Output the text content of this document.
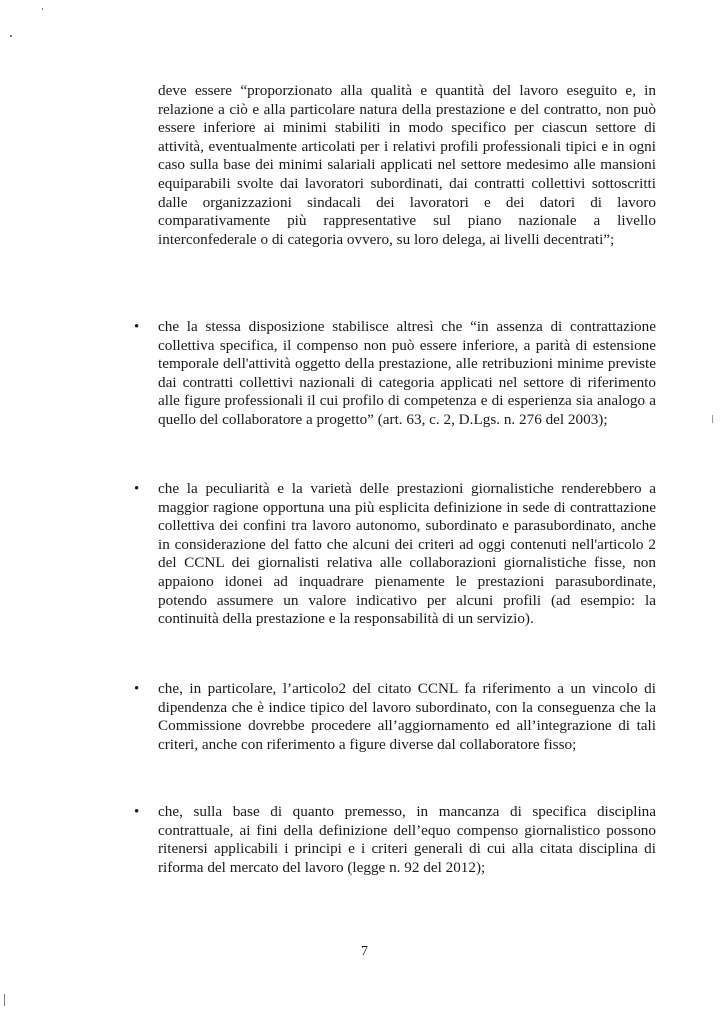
deve essere “proporzionato alla qualità e quantità del lavoro eseguito e, in relazione a ciò e alla particolare natura della prestazione e del contratto, non può essere inferiore ai minimi stabiliti in modo specifico per ciascun settore di attività, eventualmente articolati per i relativi profili professionali tipici e in ogni caso sulla base dei minimi salariali applicati nel settore medesimo alle mansioni equiparabili svolte dai lavoratori subordinati, dai contratti collettivi sottoscritti dalle organizzazioni sindacali dei lavoratori e dei datori di lavoro comparativamente più rappresentative sul piano nazionale a livello interconfederale o di categoria ovvero, su loro delega, ai livelli decentrati”;

• che la stessa disposizione stabilisce altresì che “in assenza di contrattazione collettiva specifica, il compenso non può essere inferiore, a parità di estensione temporale dell'attività oggetto della prestazione, alle retribuzioni minime previste dai contratti collettivi nazionali di categoria applicati nel settore di riferimento alle figure professionali il cui profilo di competenza e di esperienza sia analogo a quello del collaboratore a progetto” (art. 63, c. 2, D.Lgs. n. 276 del 2003);

• che la peculiarità e la varietà delle prestazioni giornalistiche renderebbero a maggior ragione opportuna una più esplicita definizione in sede di contrattazione collettiva dei confini tra lavoro autonomo, subordinato e parasubordinato, anche in considerazione del fatto che alcuni dei criteri ad oggi contenuti nell'articolo 2 del CCNL dei giornalisti relativa alle collaborazioni giornalistiche fisse, non appaiono idonei ad inquadrare pienamente le prestazioni parasubordinate, potendo assumere un valore indicativo per alcuni profili (ad esempio: la continuità della prestazione e la responsabilità di un servizio).

• che, in particolare, l’articolo2 del citato CCNL fa riferimento a un vincolo di dipendenza che è indice tipico del lavoro subordinato, con la conseguenza che la Commissione dovrebbe procedere all’aggiornamento ed all’integrazione di tali criteri, anche con riferimento a figure diverse dal collaboratore fisso;

• che, sulla base di quanto premesso, in mancanza di specifica disciplina contrattuale, ai fini della definizione dell’equo compenso giornalistico possono ritenersi applicabili i principi e i criteri generali di cui alla citata disciplina di riforma del mercato del lavoro (legge n. 92 del 2012);

7
